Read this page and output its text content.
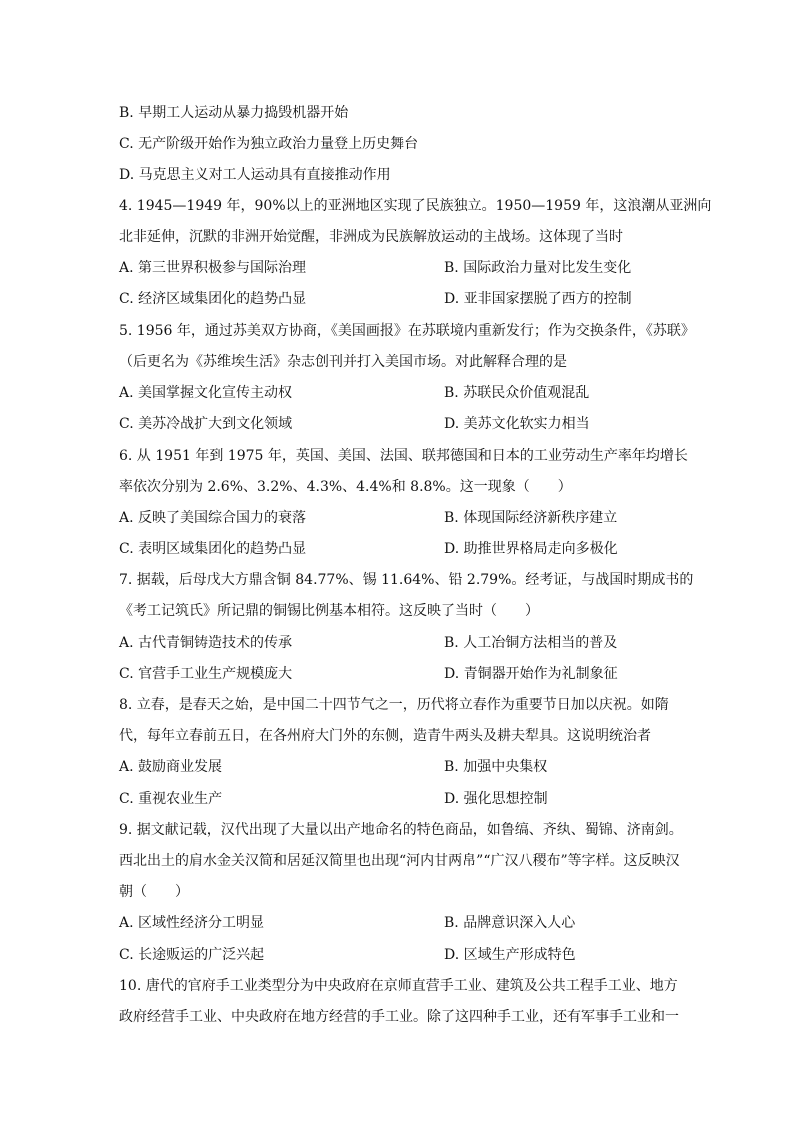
B. 早期工人运动从暴力捣毁机器开始
C. 无产阶级开始作为独立政治力量登上历史舞台
D. 马克思主义对工人运动具有直接推动作用
4. 1945—1949 年，90%以上的亚洲地区实现了民族独立。1950—1959 年，这浪潮从亚洲向
北非延伸，沉默的非洲开始觉醒，非洲成为民族解放运动的主战场。这体现了当时
A. 第三世界积极参与国际治理	B. 国际政治力量对比发生变化
C. 经济区域集团化的趋势凸显	D. 亚非国家摆脱了西方的控制
5. 1956 年，通过苏美双方协商，《美国画报》在苏联境内重新发行；作为交换条件，《苏联》
（后更名为《苏维埃生活》杂志创刊并打入美国市场。对此解释合理的是
A. 美国掌握文化宣传主动权	B. 苏联民众价值观混乱
C. 美苏冷战扩大到文化领域	D. 美苏文化软实力相当
6. 从 1951 年到 1975 年，英国、美国、法国、联邦德国和日本的工业劳动生产率年均增长
率依次分别为 2.6%、3.2%、4.3%、4.4%和 8.8%。这一现象（　　）
A. 反映了美国综合国力的衰落	B. 体现国际经济新秩序建立
C. 表明区域集团化的趋势凸显	D. 助推世界格局走向多极化
7. 据载，后母戊大方鼎含铜 84.77%、锡 11.64%、铅 2.79%。经考证，与战国时期成书的
《考工记筑氏》所记鼎的铜锡比例基本相符。这反映了当时（　　）
A. 古代青铜铸造技术的传承	B. 人工冶铜方法相当的普及
C. 官营手工业生产规模庞大	D. 青铜器开始作为礼制象征
8. 立春，是春天之始，是中国二十四节气之一，历代将立春作为重要节日加以庆祝。如隋
代，每年立春前五日，在各州府大门外的东侧，造青牛两头及耕夫犁具。这说明统治者
A. 鼓励商业发展	B. 加强中央集权
C. 重视农业生产	D. 强化思想控制
9. 据文献记载，汉代出现了大量以出产地命名的特色商品，如鲁缟、齐纨、蜀锦、济南剑。
西北出土的肩水金关汉简和居延汉简里也出现“河内甘两帛”“广汉八稷布”等字样。这反映汉
朝（　　）
A. 区域性经济分工明显	B. 品牌意识深入人心
C. 长途贩运的广泛兴起	D. 区域生产形成特色
10. 唐代的官府手工业类型分为中央政府在京师直营手工业、建筑及公共工程手工业、地方
政府经营手工业、中央政府在地方经营的手工业。除了这四种手工业，还有军事手工业和一
